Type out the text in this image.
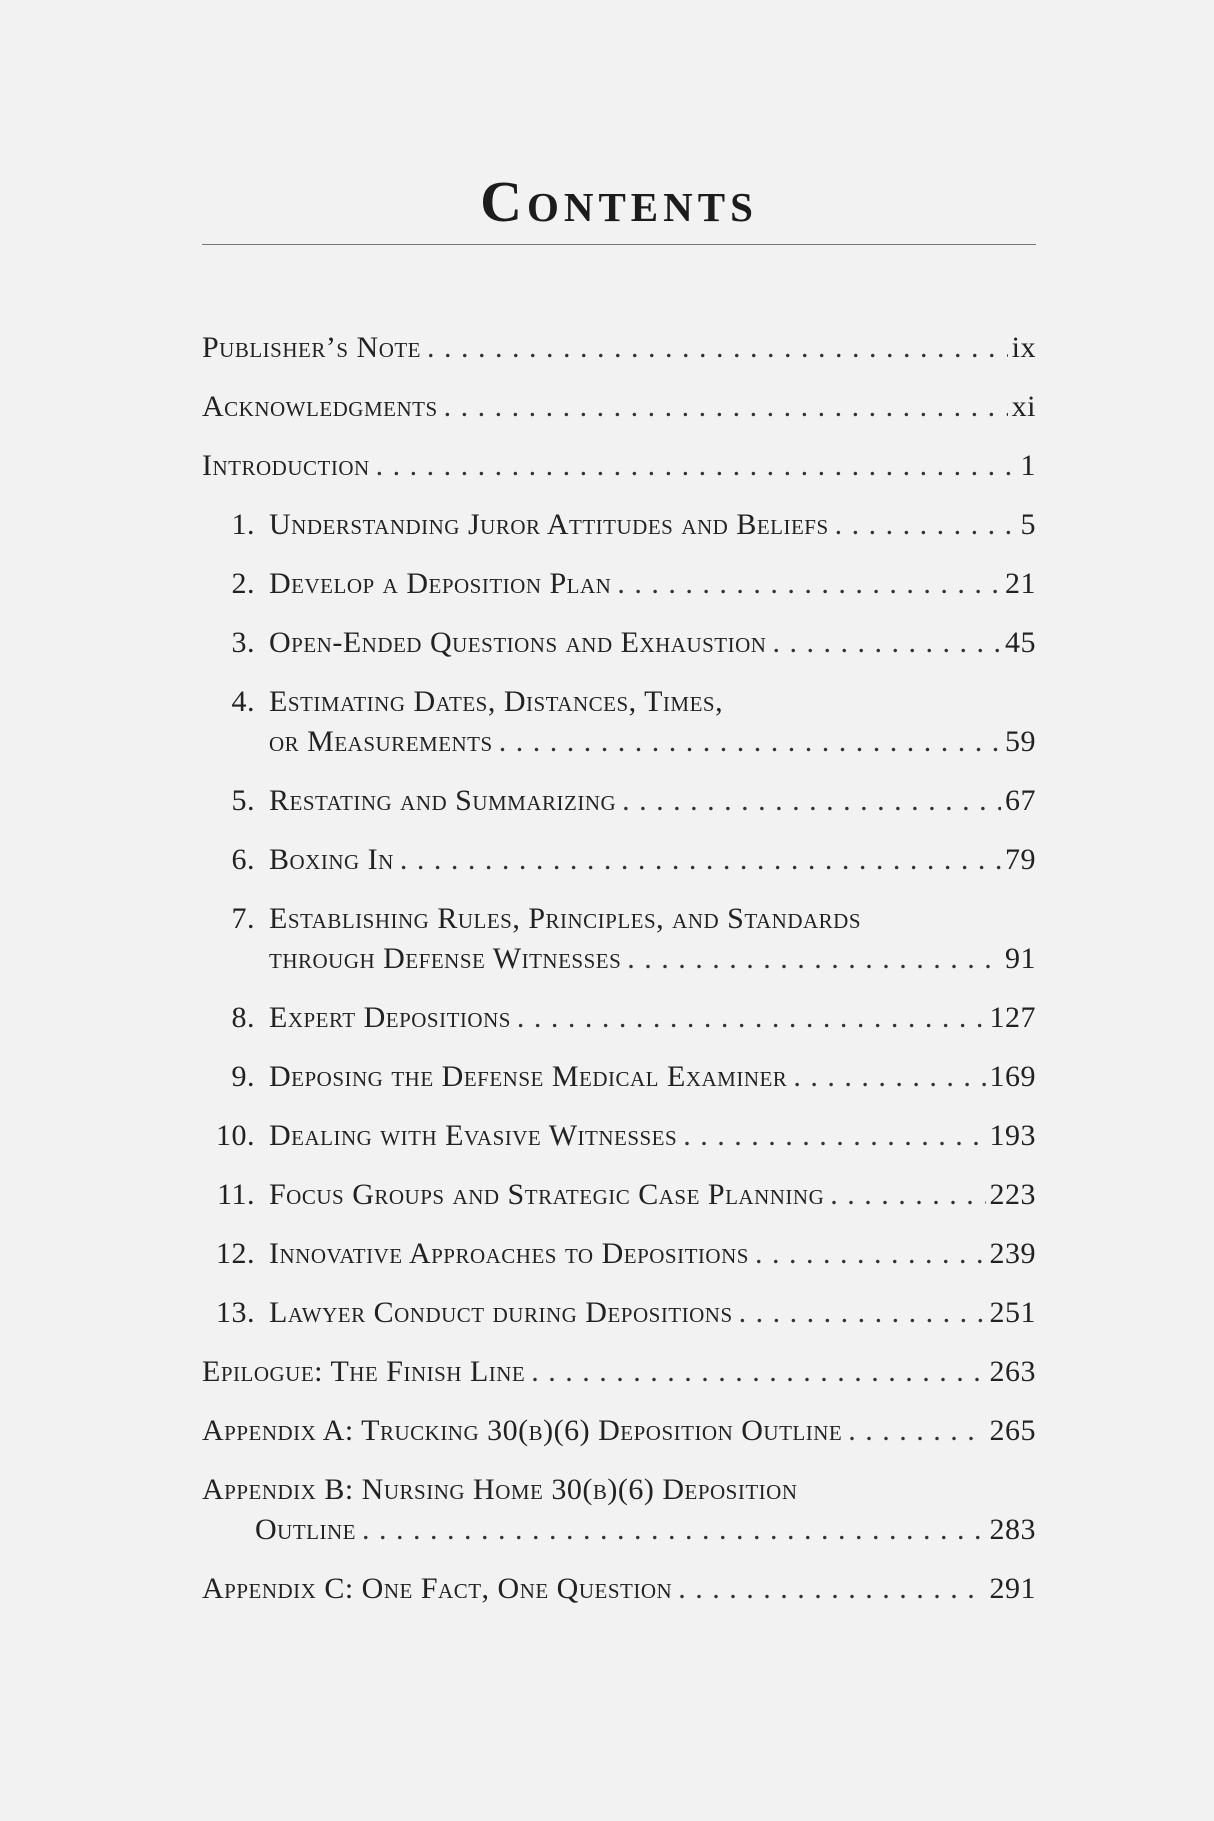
Contents
Publisher’s Note . . .	ix
Acknowledgments . . .	xi
Introduction . . .	1
1. Understanding Juror Attitudes and Beliefs . . .	5
2. Develop a Deposition Plan . . .	21
3. Open-Ended Questions and Exhaustion . . .	45
4. Estimating Dates, Distances, Times,
or Measurements . . .	59
5. Restating and Summarizing . . .	67
6. Boxing In . . .	79
7. Establishing Rules, Principles, and Standards
through Defense Witnesses . . .	91
8. Expert Depositions . . .	127
9. Deposing the Defense Medical Examiner . . .	169
10. Dealing with Evasive Witnesses . . .	193
11. Focus Groups and Strategic Case Planning . . .	223
12. Innovative Approaches to Depositions . . .	239
13. Lawyer Conduct during Depositions . . .	251
Epilogue: The Finish Line . . .	263
Appendix A: Trucking 30(b)(6) Deposition Outline . . .	265
Appendix B: Nursing Home 30(b)(6) Deposition
Outline . . .	283
Appendix C: One Fact, One Question . . .	291
